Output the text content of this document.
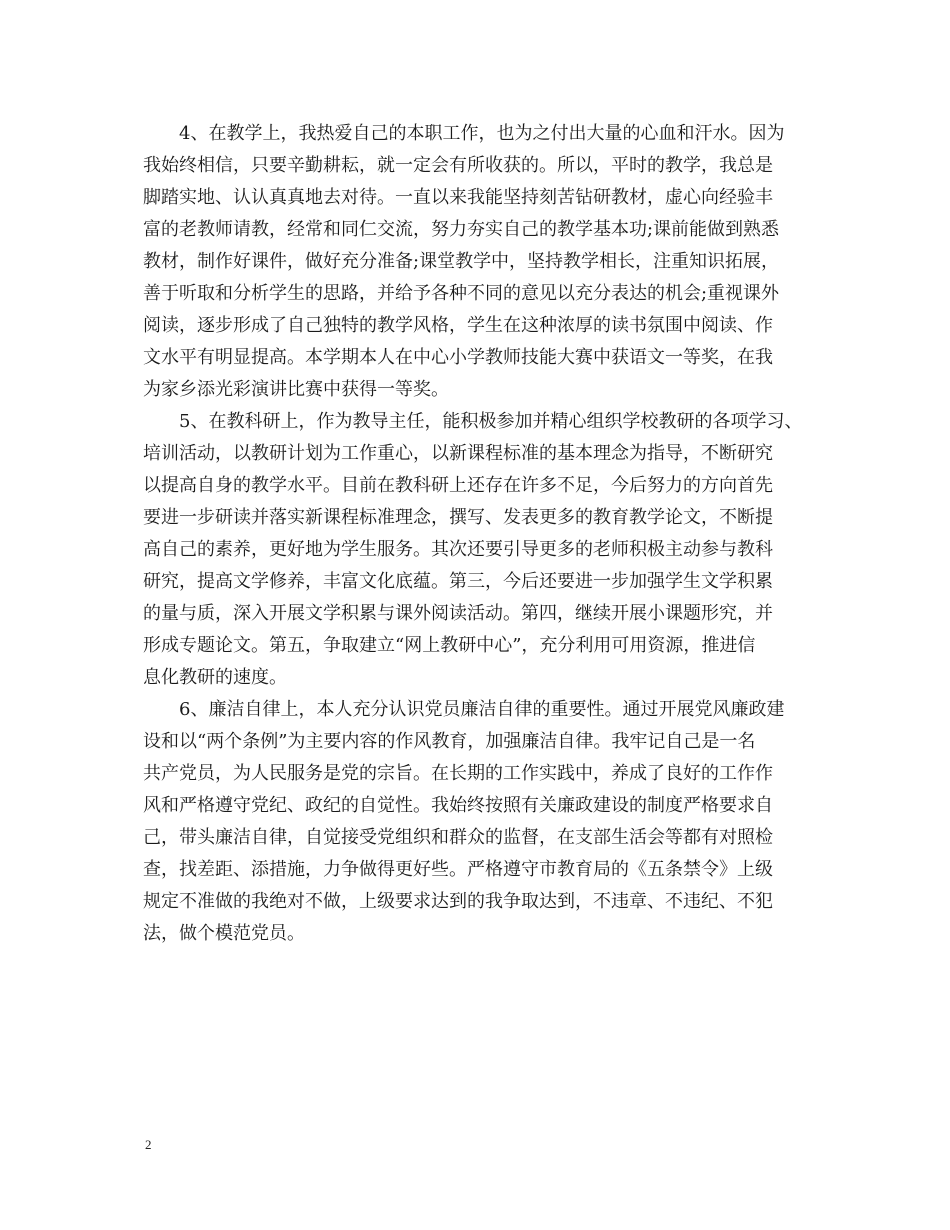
4、在教学上，我热爱自己的本职工作，也为之付出大量的心血和汗水。因为
我始终相信，只要辛勤耕耘，就一定会有所收获的。所以，平时的教学，我总是
脚踏实地、认认真真地去对待。一直以来我能坚持刻苦钻研教材，虚心向经验丰
富的老教师请教，经常和同仁交流，努力夯实自己的教学基本功;课前能做到熟悉
教材，制作好课件，做好充分准备;课堂教学中，坚持教学相长，注重知识拓展，
善于听取和分析学生的思路，并给予各种不同的意见以充分表达的机会;重视课外
阅读，逐步形成了自己独特的教学风格，学生在这种浓厚的读书氛围中阅读、作
文水平有明显提高。本学期本人在中心小学教师技能大赛中获语文一等奖，在我
为家乡添光彩演讲比赛中获得一等奖。
5、在教科研上，作为教导主任，能积极参加并精心组织学校教研的各项学习、
培训活动，以教研计划为工作重心，以新课程标准的基本理念为指导，不断研究
以提高自身的教学水平。目前在教科研上还存在许多不足，今后努力的方向首先
要进一步研读并落实新课程标准理念，撰写、发表更多的教育教学论文，不断提
高自己的素养，更好地为学生服务。其次还要引导更多的老师积极主动参与教科
研究，提高文学修养，丰富文化底蕴。第三，今后还要进一步加强学生文学积累
的量与质，深入开展文学积累与课外阅读活动。第四，继续开展小课题形究，并
形成专题论文。第五，争取建立“网上教研中心”，充分利用可用资源，推进信
息化教研的速度。
6、廉洁自律上，本人充分认识党员廉洁自律的重要性。通过开展党风廉政建
设和以“两个条例”为主要内容的作风教育，加强廉洁自律。我牢记自己是一名
共产党员，为人民服务是党的宗旨。在长期的工作实践中，养成了良好的工作作
风和严格遵守党纪、政纪的自觉性。我始终按照有关廉政建设的制度严格要求自
己，带头廉洁自律，自觉接受党组织和群众的监督，在支部生活会等都有对照检
查，找差距、添措施，力争做得更好些。严格遵守市教育局的《五条禁令》上级
规定不准做的我绝对不做，上级要求达到的我争取达到，不违章、不违纪、不犯
法，做个模范党员。
2
